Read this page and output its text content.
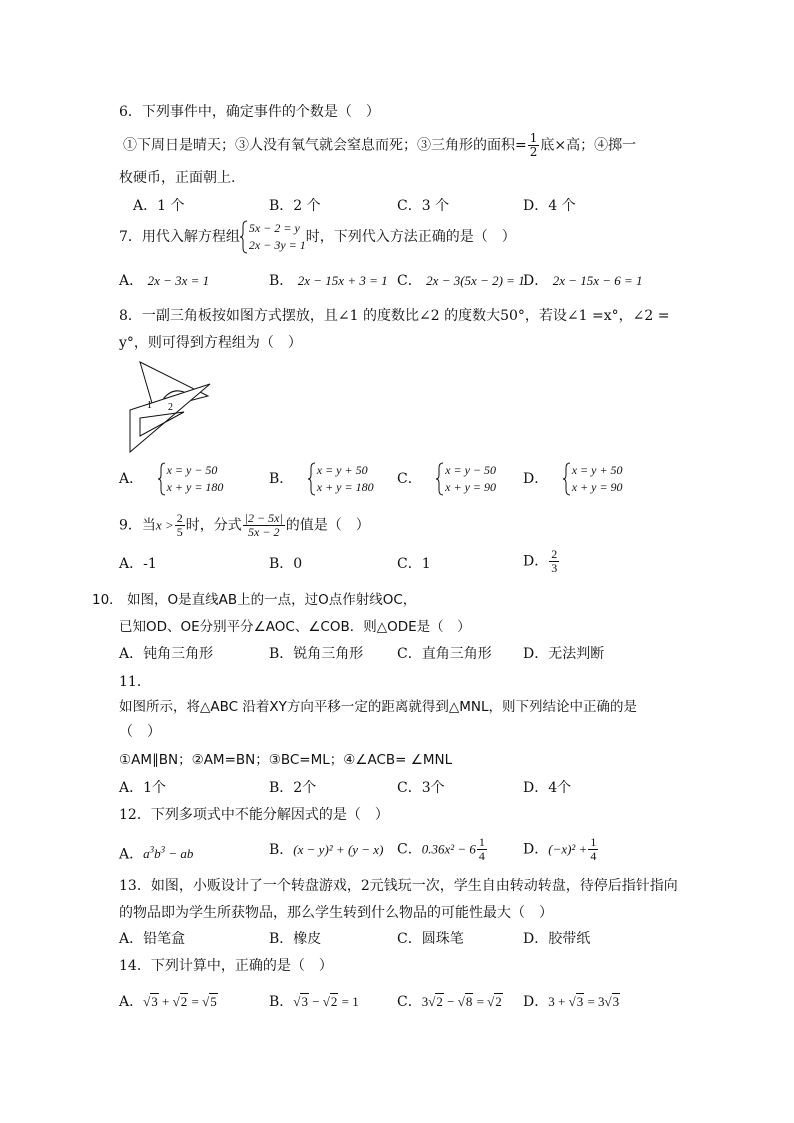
6．下列事件中，确定事件的个数是（　）
①下周日是晴天；③人没有氧气就会窒息而死；③三角形的面积= $\frac{1}{2}$ 底×高；④掷一
枚硬币，正面朝上.
A．1 个	B．2 个	C．3 个	D．4 个
7．用代入解方程组
5x − 2 = y
2x − 3y = 1 时，下列代入方法正确的是（　）
A． 2x − 3x = 1	B． 2x − 15x + 3 = 1 C． 2x − 3(5x − 2) = 1
D． 2x − 15x − 6 = 1
8．一副三角板按如图方式摆放，且∠1 的度数比∠2 的度数大50°，若设∠1 =x°，∠2 =
y°，则可得到方程组为（　）
1 2
A．
x = y − 50
x + y = 180	B．
x = y + 50
x + y = 180 C．
x = y − 50
x + y = 90 D．
x = y + 50
x + y = 90
9．当$x > \frac{2}{5}$ 时，分式 $\frac{|2 - 5x|}{5x - 2}$ 的值是（　）
A．-1	B．0	C．1	D． $\frac{2}{3}$
10． 如图，O是直线AB上的一点，过O点作射线OC，
已知OD、OE分别平分∠AOC、∠COB．则△ODE是（　）
A．钝角三角形	B．锐角三角形 C．直角三角形 D．无法判断
11．
如图所示，将△ABC 沿着XY方向平移一定的距离就得到△MNL，则下列结论中正确的是
（　）
①AM∥BN；②AM=BN；③BC=ML；④∠ACB= ∠MNL
A．1个	B．2个	C．3个	D．4个
12．下列多项式中不能分解因式的是（　）
A．$a^3b^3$ − ab	B．(x − y)² + (y − x) C．$0.36x^2 - 6 \frac{1}{4}$	D．$(-x)^2 + \frac{1}{4}$
13．如图，小贩设计了一个转盘游戏，2元钱玩一次，学生自由转动转盘，待停后指针指向
的物品即为学生所获物品，那么学生转到什么物品的可能性最大（　）
A．铅笔盒	B．橡皮	C．圆珠笔	D．胶带纸
14．下列计算中，正确的是（　）
A．√3 + √2 = √5	B．√3 − √2 = 1	C．3√2 − √8 = √2 D．3 + √3 = 3√3
